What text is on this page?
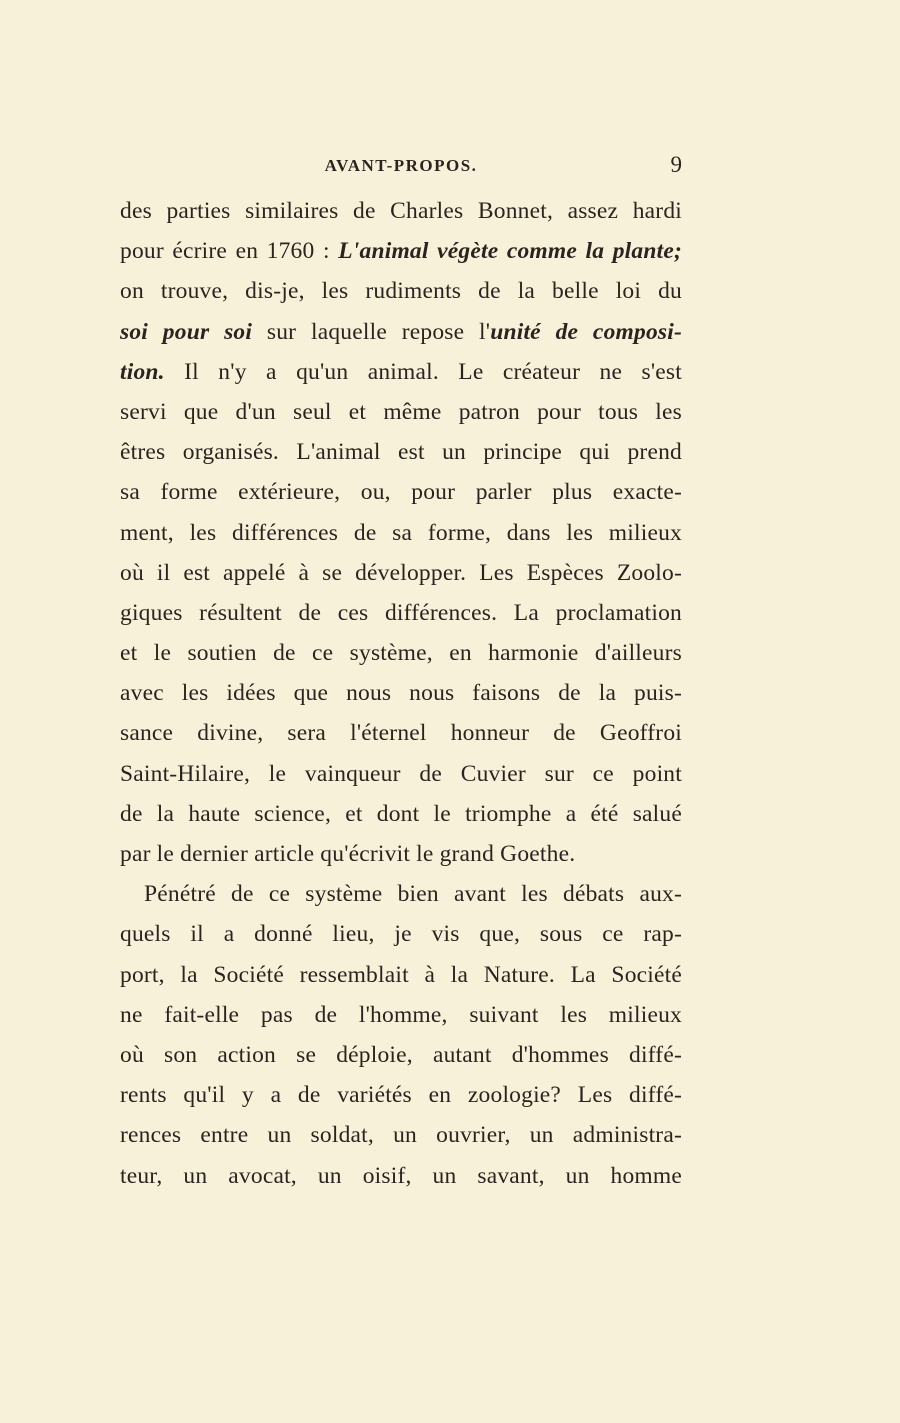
AVANT-PROPOS.	9
des parties similaires de Charles Bonnet, assez hardi
pour écrire en 1760 : L'animal végète comme la plante;
on trouve, dis-je, les rudiments de la belle loi du
soi pour soi sur laquelle repose l'unité de composi-
tion. Il n'y a qu'un animal. Le créateur ne s'est
servi que d'un seul et même patron pour tous les
êtres organisés. L'animal est un principe qui prend
sa forme extérieure, ou, pour parler plus exacte-
ment, les différences de sa forme, dans les milieux
où il est appelé à se développer. Les Espèces Zoolo-
giques résultent de ces différences. La proclamation
et le soutien de ce système, en harmonie d'ailleurs
avec les idées que nous nous faisons de la puis-
sance divine, sera l'éternel honneur de Geoffroi
Saint-Hilaire, le vainqueur de Cuvier sur ce point
de la haute science, et dont le triomphe a été salué
par le dernier article qu'écrivit le grand Goethe.
Pénétré de ce système bien avant les débats aux-
quels il a donné lieu, je vis que, sous ce rap-
port, la Société ressemblait à la Nature. La Société
ne fait-elle pas de l'homme, suivant les milieux
où son action se déploie, autant d'hommes diffé-
rents qu'il y a de variétés en zoologie? Les diffé-
rences entre un soldat, un ouvrier, un administra-
teur, un avocat, un oisif, un savant, un homme
